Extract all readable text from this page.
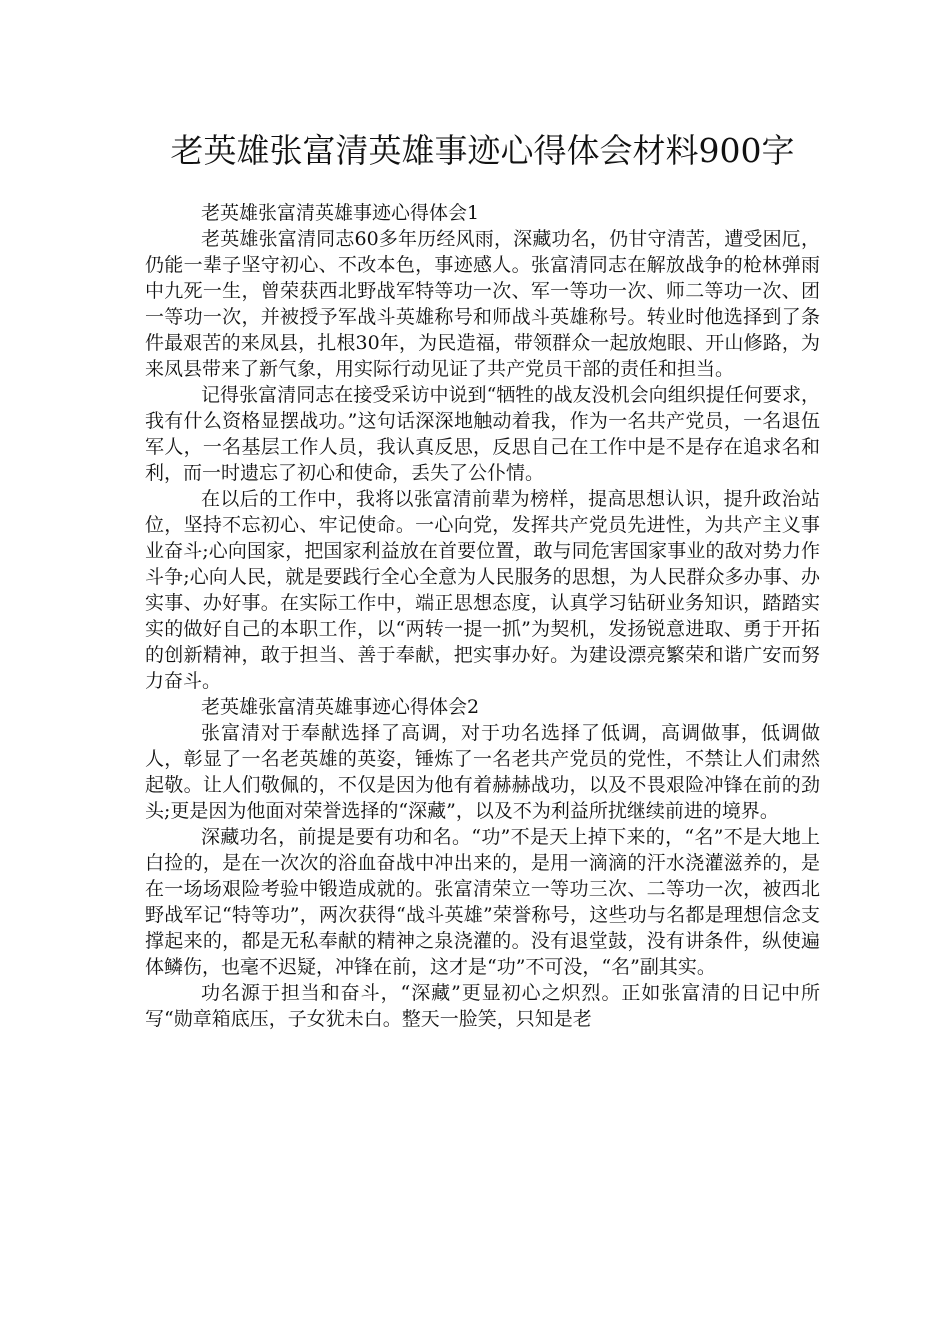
老英雄张富清英雄事迹心得体会材料900字

老英雄张富清英雄事迹心得体会1

老英雄张富清同志60多年历经风雨，深藏功名，仍甘守清苦，遭受困厄，仍能一辈子坚守初心、不改本色，事迹感人。张富清同志在解放战争的枪林弹雨中九死一生，曾荣获西北野战军特等功一次、军一等功一次、师二等功一次、团一等功一次，并被授予军战斗英雄称号和师战斗英雄称号。转业时他选择到了条件最艰苦的来凤县，扎根30年，为民造福，带领群众一起放炮眼、开山修路，为来凤县带来了新气象，用实际行动见证了共产党员干部的责任和担当。

记得张富清同志在接受采访中说到“牺牲的战友没机会向组织提任何要求，我有什么资格显摆战功。”这句话深深地触动着我，作为一名共产党员，一名退伍军人，一名基层工作人员，我认真反思，反思自己在工作中是不是存在追求名和利，而一时遗忘了初心和使命，丢失了公仆情。

在以后的工作中，我将以张富清前辈为榜样，提高思想认识，提升政治站位，坚持不忘初心、牢记使命。一心向党，发挥共产党员先进性，为共产主义事业奋斗;心向国家，把国家利益放在首要位置，敢与同危害国家事业的敌对势力作斗争;心向人民，就是要践行全心全意为人民服务的思想，为人民群众多办事、办实事、办好事。在实际工作中，端正思想态度，认真学习钻研业务知识，踏踏实实的做好自己的本职工作，以“两转一提一抓”为契机，发扬锐意进取、勇于开拓的创新精神，敢于担当、善于奉献，把实事办好。为建设漂亮繁荣和谐广安而努力奋斗。

老英雄张富清英雄事迹心得体会2

张富清对于奉献选择了高调，对于功名选择了低调，高调做事，低调做人，彰显了一名老英雄的英姿，锤炼了一名老共产党员的党性，不禁让人们肃然起敬。让人们敬佩的，不仅是因为他有着赫赫战功，以及不畏艰险冲锋在前的劲头;更是因为他面对荣誉选择的“深藏”，以及不为利益所扰继续前进的境界。

深藏功名，前提是要有功和名。“功”不是天上掉下来的，“名”不是大地上白捡的，是在一次次的浴血奋战中冲出来的，是用一滴滴的汗水浇灌滋养的，是在一场场艰险考验中锻造成就的。张富清荣立一等功三次、二等功一次，被西北野战军记“特等功”，两次获得“战斗英雄”荣誉称号，这些功与名都是理想信念支撑起来的，都是无私奉献的精神之泉浇灌的。没有退堂鼓，没有讲条件，纵使遍体鳞伤，也毫不迟疑，冲锋在前，这才是“功”不可没，“名”副其实。

功名源于担当和奋斗，“深藏”更显初心之炽烈。正如张富清的日记中所写“勋章箱底压，子女犹未白。整天一脸笑，只知是老
